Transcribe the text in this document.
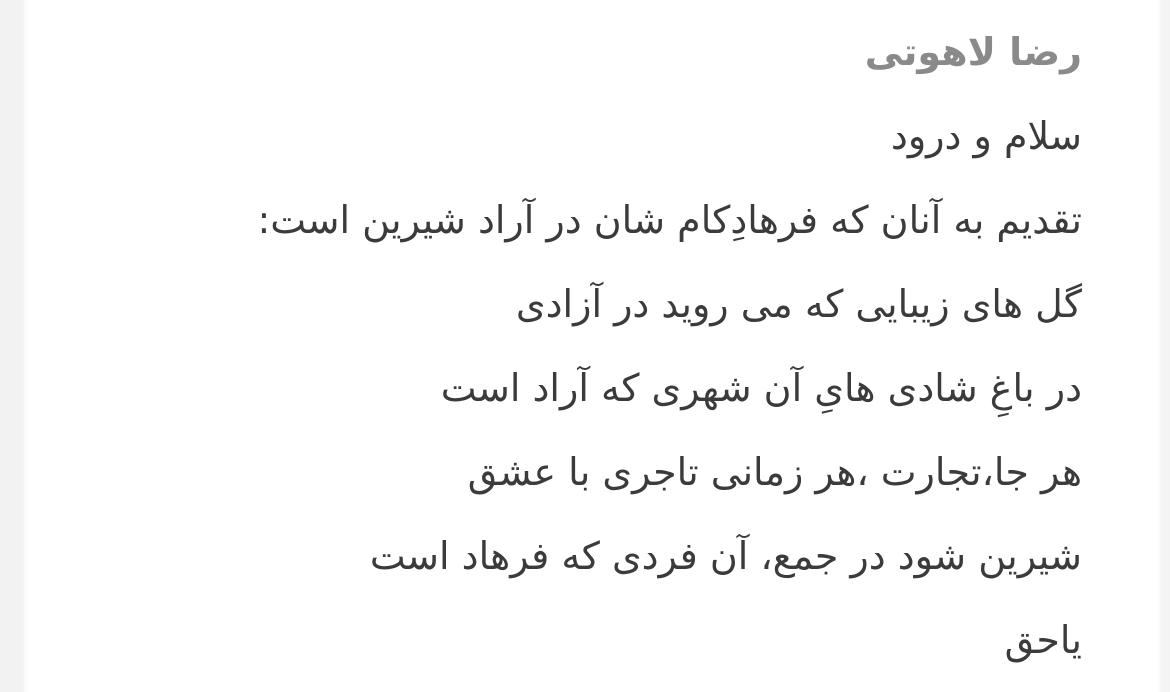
رضا لاهوتی
سلام و درود
تقدیم به آنان که فرهادِکام شان در آراد شیرین است:
گل های زیبایی که می روید در آزادی
در باغِ شادی هایِ آن شهری که آراد است
هر جا،تجارت ،هر زمانی تاجری با عشق
شیرین شود در جمع، آن فردی که فرهاد است
یاحق
